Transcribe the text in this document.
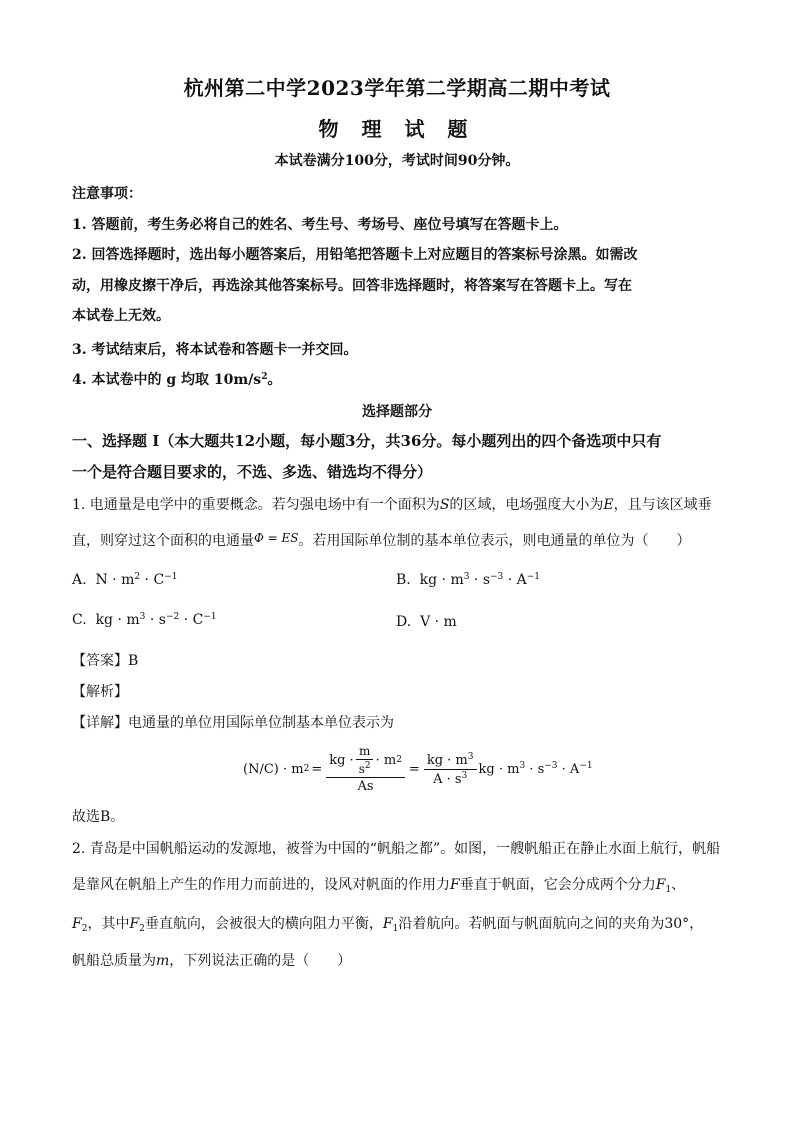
杭州第二中学2023学年第二学期高二期中考试
物 理 试 题
本试卷满分100分，考试时间90分钟。
注意事项：
1. 答题前，考生务必将自己的姓名、考生号、考场号、座位号填写在答题卡上。
2. 回答选择题时，选出每小题答案后，用铅笔把答题卡上对应题目的答案标号涂黑。如需改
动，用橡皮擦干净后，再选涂其他答案标号。回答非选择题时，将答案写在答题卡上。写在
本试卷上无效。
3. 考试结束后，将本试卷和答题卡一并交回。
4. 本试卷中的 g 均取 $10m/s^2$。
选择题部分
一、选择题 I（本大题共12小题，每小题3分，共36分。每小题列出的四个备选项中只有
一个是符合题目要求的，不选、多选、错选均不得分）
1. 电通量是电学中的重要概念。若匀强电场中有一个面积为S的区域，电场强度大小为E，且与该区域垂
直，则穿过这个面积的电通量Φ = ES。若用国际单位制的基本单位表示，则电通量的单位为（　　）
A. $N \cdot m^2 \cdot C^{-1}$	B. kg · $m^3 \cdot s^{-3} \cdot A^{-1}$
C. kg · $m^3 \cdot s^{-2} \cdot C^{-1}$	D. V · m
【答案】B
【解析】
【详解】电通量的单位用国际单位制基本单位表示为
(N/C) · m $2 = \frac{kg \cdot \frac{m}{s^2} \cdot m 2}{As} = \frac{kg \cdot m^3}{A \cdot s^3}$ kg · $m^3 \cdot s^{-3} \cdot A^{-1}$
故选B。
2. 青岛是中国帆船运动的发源地，被誉为中国的“帆船之都”。如图，一艘帆船正在静止水面上航行，帆船
是靠风在帆船上产生的作用力而前进的，设风对帆面的作用力F垂直于帆面，它会分成两个分力$F_1$、
$F_2$，其中$F_2$垂直航向，会被很大的横向阻力平衡，$F_1$沿着航向。若帆面与帆面航向之间的夹角为30°，
帆船总质量为m，下列说法正确的是（　　）
